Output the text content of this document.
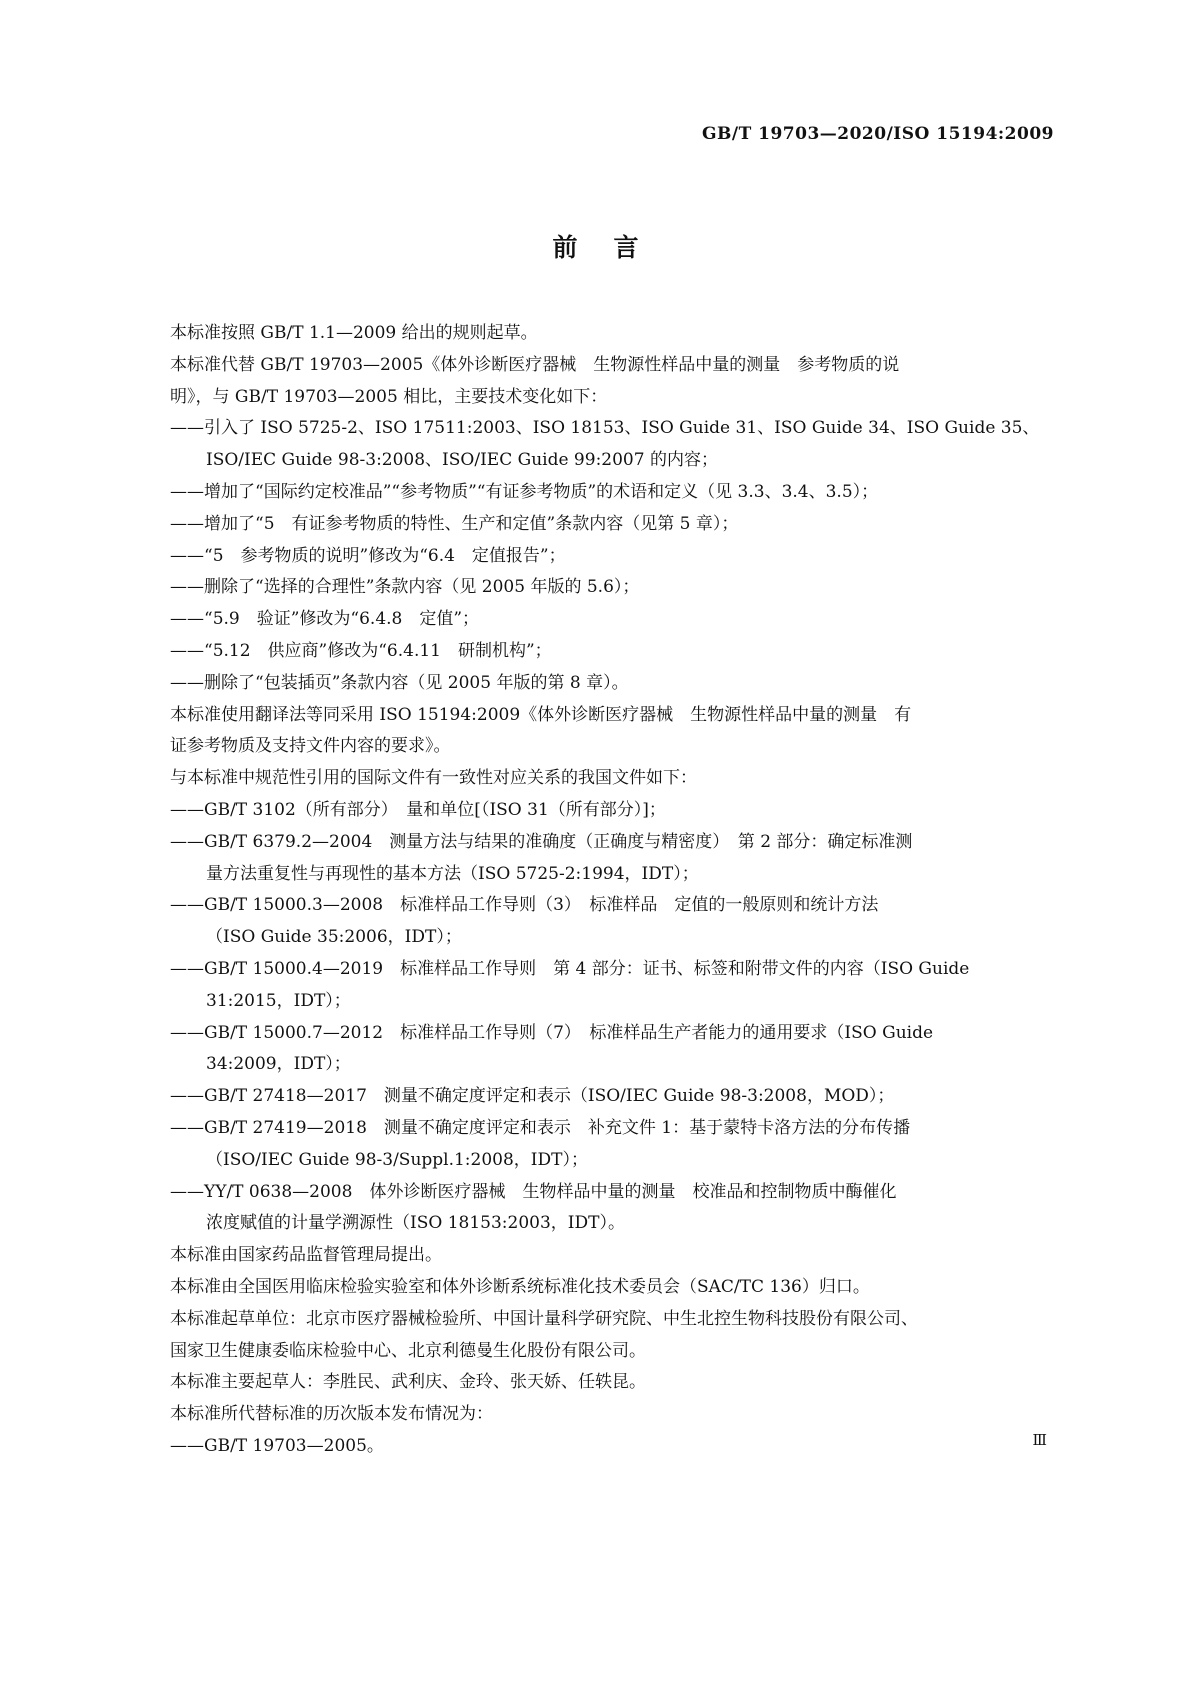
GB/T 19703—2020/ISO 15194:2009
前言
本标准按照 GB/T 1.1—2009 给出的规则起草。
本标准代替 GB/T 19703—2005《体外诊断医疗器械　生物源性样品中量的测量　参考物质的说
明》，与 GB/T 19703—2005 相比，主要技术变化如下：
——引入了 ISO 5725-2、ISO 17511:2003、ISO 18153、ISO Guide 31、ISO Guide 34、ISO Guide 35、
ISO/IEC Guide 98-3:2008、ISO/IEC Guide 99:2007 的内容；
——增加了“国际约定校准品”“参考物质”“有证参考物质”的术语和定义（见 3.3、3.4、3.5）；
——增加了“5　有证参考物质的特性、生产和定值”条款内容（见第 5 章）；
——“5　参考物质的说明”修改为“6.4　定值报告”；
——删除了“选择的合理性”条款内容（见 2005 年版的 5.6）；
——“5.9　验证”修改为“6.4.8　定值”；
——“5.12　供应商”修改为“6.4.11　研制机构”；
——删除了“包装插页”条款内容（见 2005 年版的第 8 章）。
本标准使用翻译法等同采用 ISO 15194:2009《体外诊断医疗器械　生物源性样品中量的测量　有
证参考物质及支持文件内容的要求》。
与本标准中规范性引用的国际文件有一致性对应关系的我国文件如下：
——GB/T 3102（所有部分）　量和单位[（ISO 31（所有部分）]；
——GB/T 6379.2—2004　测量方法与结果的准确度（正确度与精密度）　第 2 部分：确定标准测
量方法重复性与再现性的基本方法（ISO 5725-2:1994，IDT）；
——GB/T 15000.3—2008　标准样品工作导则（3）　标准样品　定值的一般原则和统计方法
（ISO Guide 35:2006，IDT）；
——GB/T 15000.4—2019　标准样品工作导则　第 4 部分：证书、标签和附带文件的内容（ISO Guide
31:2015，IDT）；
——GB/T 15000.7—2012　标准样品工作导则（7）　标准样品生产者能力的通用要求（ISO Guide
34:2009，IDT）；
——GB/T 27418—2017　测量不确定度评定和表示（ISO/IEC Guide 98-3:2008，MOD）；
——GB/T 27419—2018　测量不确定度评定和表示　补充文件 1：基于蒙特卡洛方法的分布传播
（ISO/IEC Guide 98-3/Suppl.1:2008，IDT）；
——YY/T 0638—2008　体外诊断医疗器械　生物样品中量的测量　校准品和控制物质中酶催化
浓度赋值的计量学溯源性（ISO 18153:2003，IDT）。
本标准由国家药品监督管理局提出。
本标准由全国医用临床检验实验室和体外诊断系统标准化技术委员会（SAC/TC 136）归口。
本标准起草单位：北京市医疗器械检验所、中国计量科学研究院、中生北控生物科技股份有限公司、
国家卫生健康委临床检验中心、北京利德曼生化股份有限公司。
本标准主要起草人：李胜民、武利庆、金玲、张天娇、任轶昆。
本标准所代替标准的历次版本发布情况为：
——GB/T 19703—2005。	Ⅲ
